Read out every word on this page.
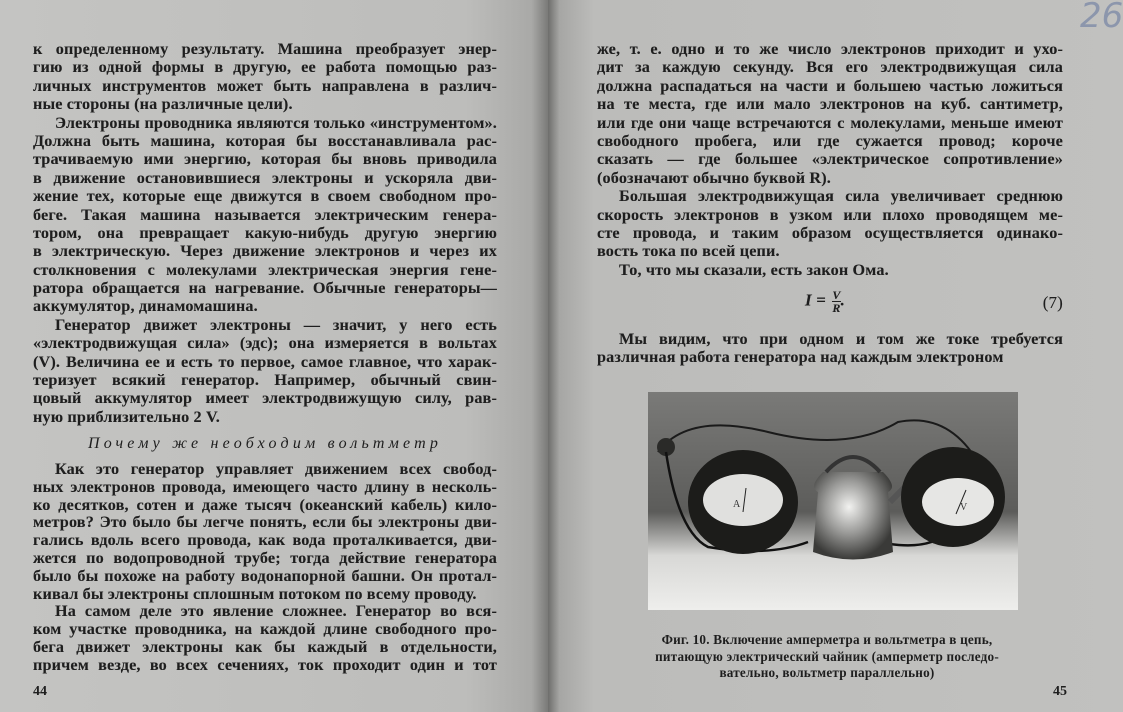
к определенному результату. Машина преобразует энер-
гию из одной формы в другую, ее работа помощью раз-
личных инструментов может быть направлена в различ-
ные стороны (на различные цели).
Электроны проводника являются только «инструментом».
Должна быть машина, которая бы восстанавливала рас-
трачиваемую ими энергию, которая бы вновь приводила
в движение остановившиеся электроны и ускоряла дви-
жение тех, которые еще движутся в своем свободном про-
беге. Такая машина называется электрическим генера-
тором, она превращает какую-нибудь другую энергию
в электрическую. Через движение электронов и через их
столкновения с молекулами электрическая энергия гене-
ратора обращается на нагревание. Обычные генераторы—
аккумулятор, динамомашина.
Генератор движет электроны — значит, у него есть
«электродвижущая сила» (эдс); она измеряется в вольтах
(V). Величина ее и есть то первое, самое главное, что харак-
теризует всякий генератор. Например, обычный свин-
цовый аккумулятор имеет электродвижущую силу, рав-
ную приблизительно 2 V.
Почему же необходим вольтметр
Как это генератор управляет движением всех свобод-
ных электронов провода, имеющего часто длину в несколь-
ко десятков, сотен и даже тысяч (океанский кабель) кило-
метров? Это было бы легче понять, если бы электроны дви-
гались вдоль всего провода, как вода проталкивается, дви-
жется по водопроводной трубе; тогда действие генератора
было бы похоже на работу водонапорной башни. Он протал-
кивал бы электроны сплошным потоком по всему проводу.
На самом деле это явление сложнее. Генератор во вся-
ком участке проводника, на каждой длине свободного про-
бега движет электроны как бы каждый в отдельности,
причем везде, во всех сечениях, ток проходит один и тот
44
26
же, т. е. одно и то же число электронов приходит и ухо-
дит за каждую секунду. Вся его электродвижущая сила
должна распадаться на части и большею частью ложиться
на те места, где или мало электронов на куб. сантиметр,
или где они чаще встречаются с молекулами, меньше имеют
свободного пробега, или где сужается провод; короче
сказать — где большее «электрическое сопротивление»
(обозначают обычно буквой R).
Большая электродвижущая сила увеличивает среднюю
скорость электронов в узком или плохо проводящем ме-
сте провода, и таким образом осуществляется одинако-
вость тока по всей цепи.
То, что мы сказали, есть закон Ома.
$I = \frac{V}{R}$ .	(7)
Мы видим, что при одном и том же токе требуется
различная работа генератора над каждым электроном
A	V
Фиг. 10. Включение амперметра и вольтметра в цепь,
питающую электрический чайник (амперметр последо-
вательно, вольтметр параллельно)
45
